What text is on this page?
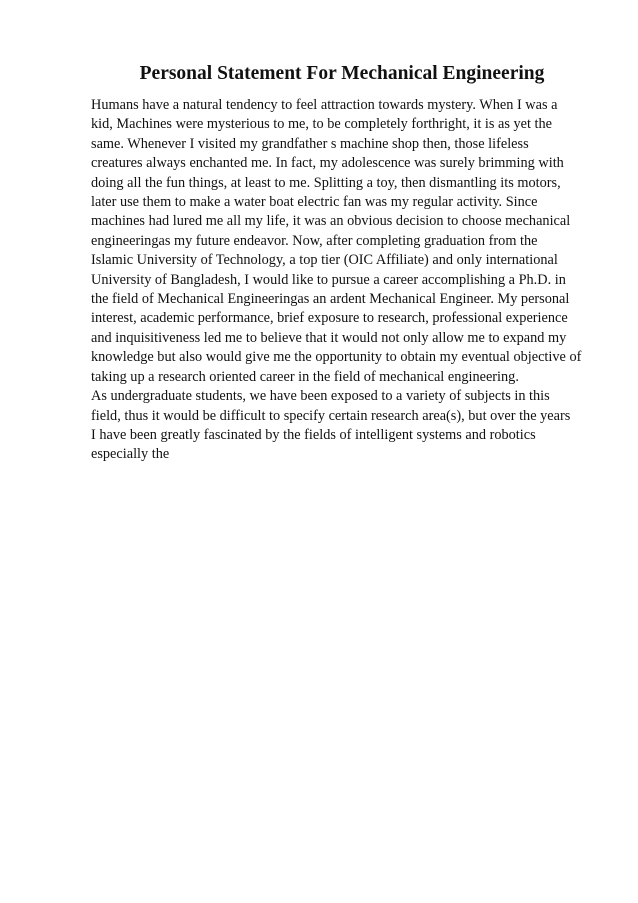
Personal Statement For Mechanical Engineering
Humans have a natural tendency to feel attraction towards mystery. When I was a
kid, Machines were mysterious to me, to be completely forthright, it is as yet the
same. Whenever I visited my grandfather s machine shop then, those lifeless
creatures always enchanted me. In fact, my adolescence was surely brimming with
doing all the fun things, at least to me. Splitting a toy, then dismantling its motors,
later use them to make a water boat electric fan was my regular activity. Since
machines had lured me all my life, it was an obvious decision to choose mechanical
engineeringas my future endeavor. Now, after completing graduation from the
Islamic University of Technology, a top tier (OIC Affiliate) and only international
University of Bangladesh, I would like to pursue a career accomplishing a Ph.D. in
the field of Mechanical Engineeringas an ardent Mechanical Engineer. My personal
interest, academic performance, brief exposure to research, professional experience
and inquisitiveness led me to believe that it would not only allow me to expand my
knowledge but also would give me the opportunity to obtain my eventual objective of
taking up a research oriented career in the field of mechanical engineering.
As undergraduate students, we have been exposed to a variety of subjects in this
field, thus it would be difficult to specify certain research area(s), but over the years
I have been greatly fascinated by the fields of intelligent systems and robotics
especially the
